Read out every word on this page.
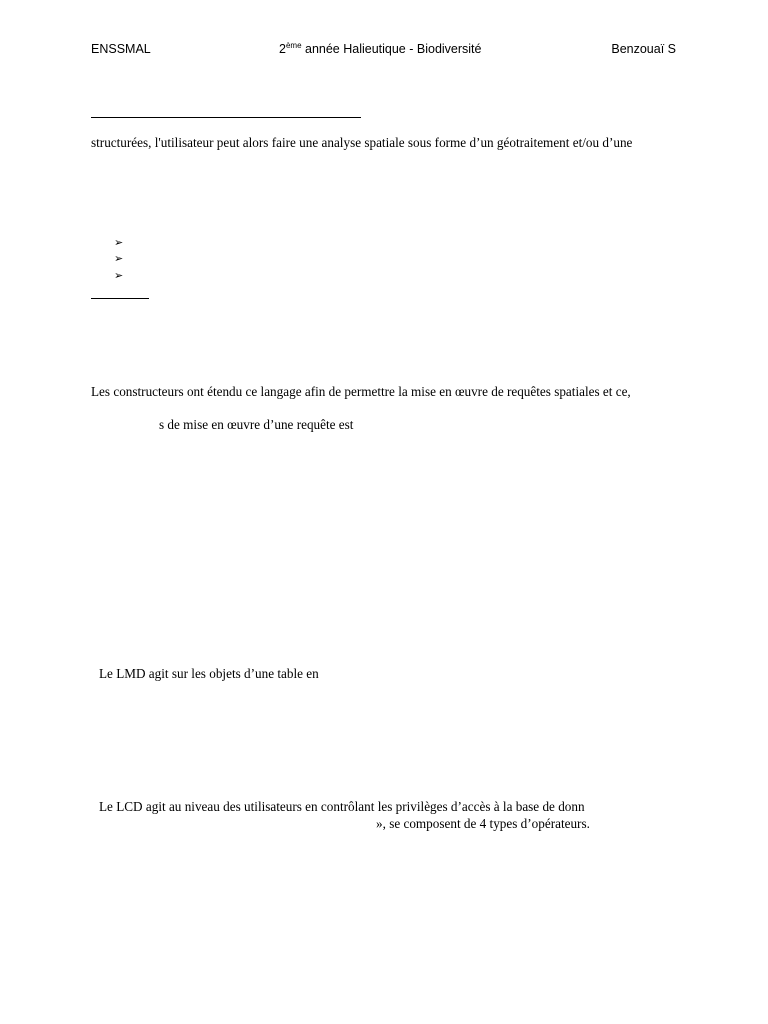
ENSSMAL	2ème année Halieutique - Biodiversité	Benzouaï S
structurées, l'utilisateur peut alors faire une analyse spatiale sous forme d’un géotraitement et/ou d’une
➢
➢
➢
Les constructeurs ont étendu ce langage afin de permettre la mise en œuvre de requêtes spatiales et ce,
s de mise en œuvre d’une requête est
Le LMD agit sur les objets d’une table en
Le LCD agit au niveau des utilisateurs en contrôlant les privilèges d’accès à la base de donn
», se composent de 4 types d’opérateurs.
